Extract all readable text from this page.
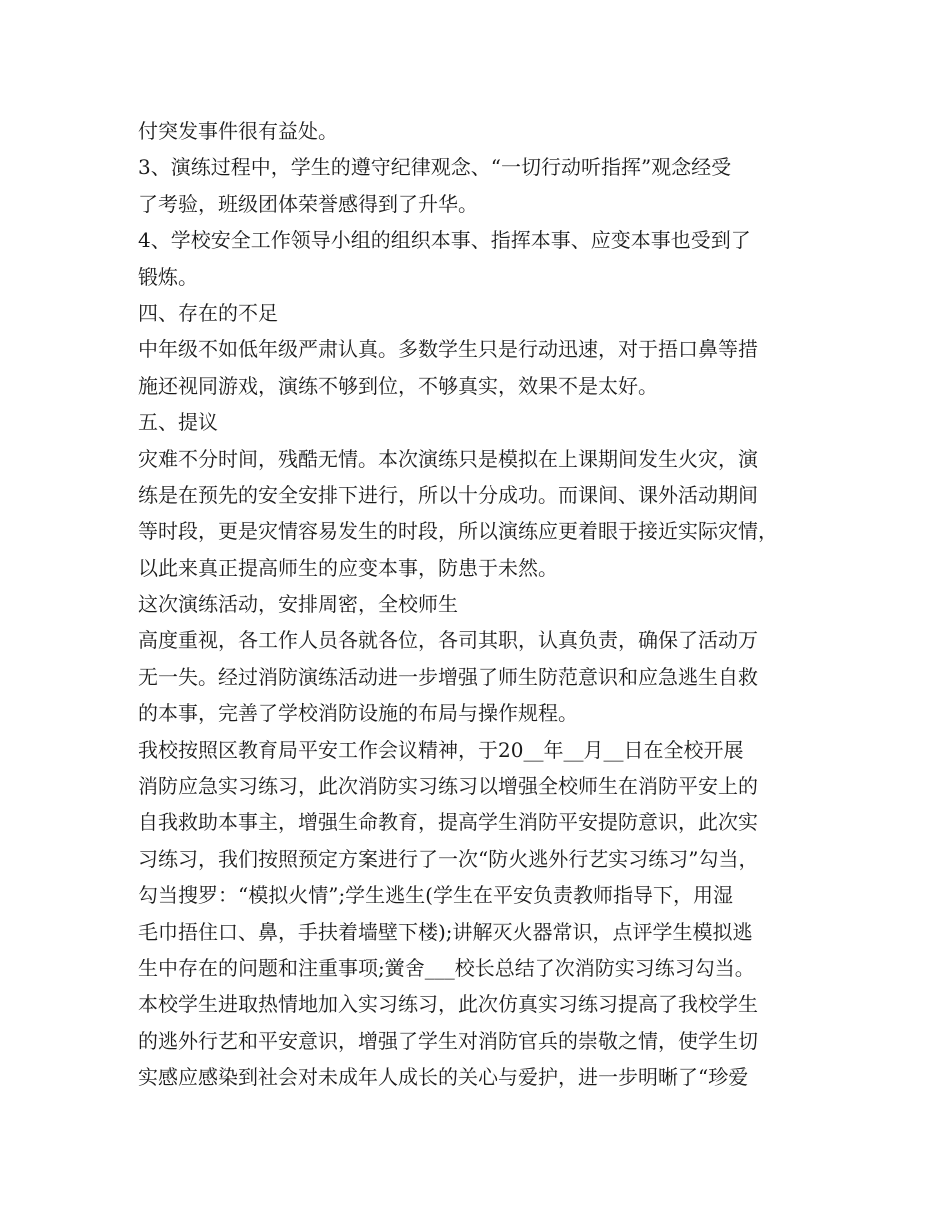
付突发事件很有益处。
3、演练过程中，学生的遵守纪律观念、“一切行动听指挥”观念经受
了考验，班级团体荣誉感得到了升华。
4、学校安全工作领导小组的组织本事、指挥本事、应变本事也受到了
锻炼。
四、存在的不足
中年级不如低年级严肃认真。多数学生只是行动迅速，对于捂口鼻等措
施还视同游戏，演练不够到位，不够真实，效果不是太好。
五、提议
灾难不分时间，残酷无情。本次演练只是模拟在上课期间发生火灾，演
练是在预先的安全安排下进行，所以十分成功。而课间、课外活动期间
等时段，更是灾情容易发生的时段，所以演练应更着眼于接近实际灾情，
以此来真正提高师生的应变本事，防患于未然。
这次演练活动，安排周密，全校师生
高度重视，各工作人员各就各位，各司其职，认真负责，确保了活动万
无一失。经过消防演练活动进一步增强了师生防范意识和应急逃生自救
的本事，完善了学校消防设施的布局与操作规程。
我校按照区教育局平安工作会议精神，于20__年__月__日在全校开展
消防应急实习练习，此次消防实习练习以增强全校师生在消防平安上的
自我救助本事主，增强生命教育，提高学生消防平安提防意识，此次实
习练习，我们按照预定方案进行了一次“防火逃外行艺实习练习”勾当，
勾当搜罗：“模拟火情”;学生逃生(学生在平安负责教师指导下，用湿
毛巾捂住口、鼻，手扶着墙壁下楼);讲解灭火器常识，点评学生模拟逃
生中存在的问题和注重事项;黉舍___校长总结了次消防实习练习勾当。
本校学生进取热情地加入实习练习，此次仿真实习练习提高了我校学生
的逃外行艺和平安意识，增强了学生对消防官兵的崇敬之情，使学生切
实感应感染到社会对未成年人成长的关心与爱护，进一步明晰了“珍爱
